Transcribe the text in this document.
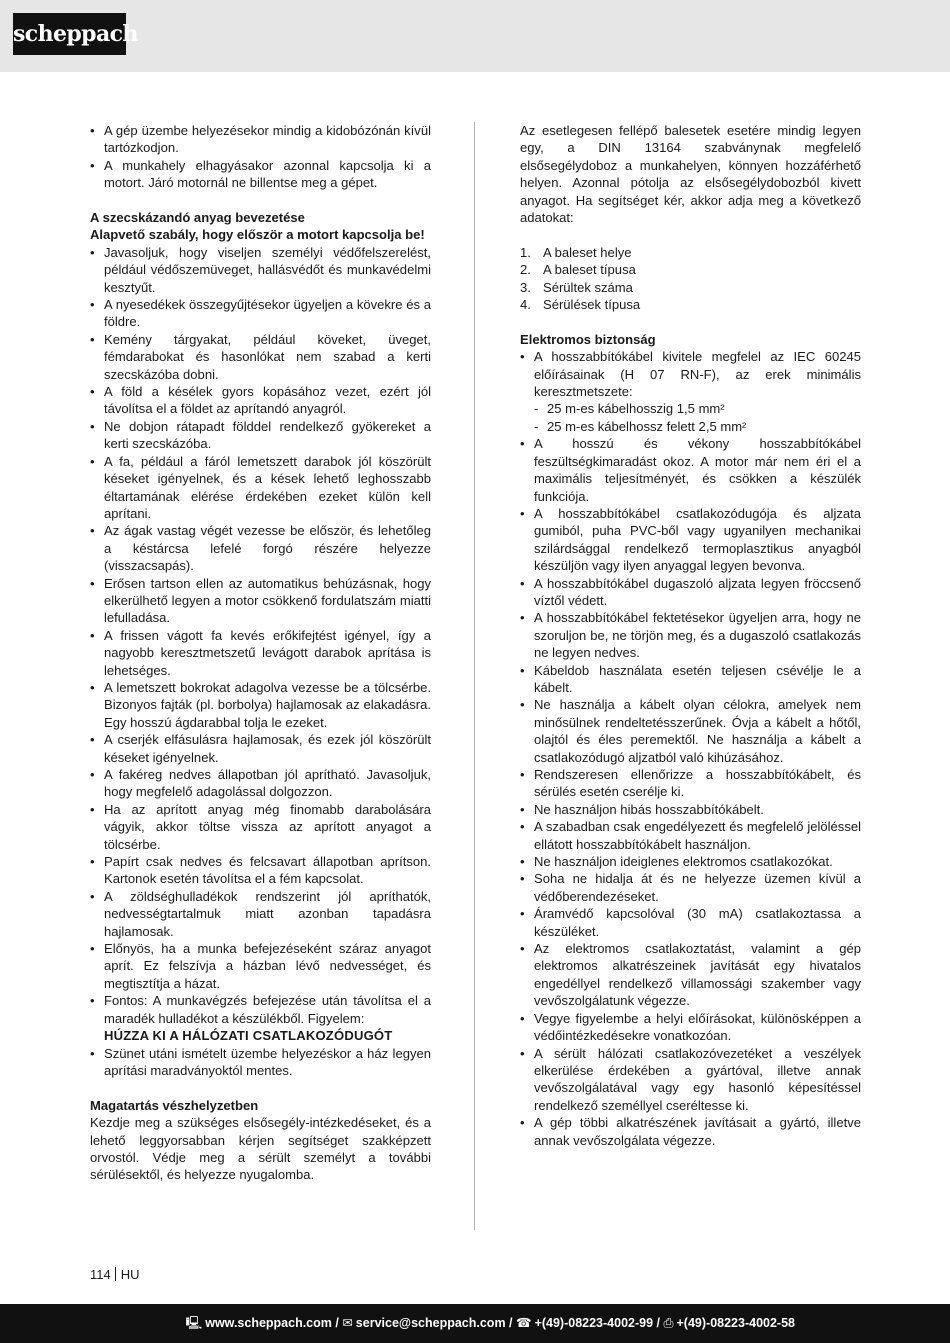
scheppach
• A gép üzembe helyezésekor mindig a kidobózónán kívül tartózkodjon.
• A munkahely elhagyásakor azonnal kapcsolja ki a motort. Járó motornál ne billentse meg a gépet.

A szecskázandó anyag bevezetése

Alapvető szabály, hogy először a motort kapcsolja be!

• Javasoljuk, hogy viseljen személyi védőfelszerelést, például védőszemüveget, hallásvédőt és munkavédelmi kesztyűt.
• A nyesedékek összegyűjtésekor ügyeljen a kövekre és a földre.
• Kemény tárgyakat, például köveket, üveget, fémdarabokat és hasonlókat nem szabad a kerti szecskázóba dobni.
• A föld a késélek gyors kopásához vezet, ezért jól távolítsa el a földet az aprítandó anyagról.
• Ne dobjon rátapadt földdel rendelkező gyökereket a kerti szecskázóba.
• A fa, például a fáról lemetszett darabok jól köszörült késeket igényelnek, és a kések lehető leghosszabb éltartamának elérése érdekében ezeket külön kell aprítani.
• Az ágak vastag végét vezesse be először, és lehetőleg a késtárcsa lefelé forgó részére helyezze (visszacsapás).
• Erősen tartson ellen az automatikus behúzásnak, hogy elkerülhető legyen a motor csökkenő fordulatszám miatti lefulladása.
• A frissen vágott fa kevés erőkifejtést igényel, így a nagyobb keresztmetszetű levágott darabok aprítása is lehetséges.
• A lemetszett bokrokat adagolva vezesse be a tölcsérbe. Bizonyos fajták (pl. borbolya) hajlamosak az elakadásra. Egy hosszú ágdarabbal tolja le ezeket.
• A cserjék elfásulásra hajlamosak, és ezek jól köszörült késeket igényelnek.
• A fakéreg nedves állapotban jól aprítható. Javasoljuk, hogy megfelelő adagolással dolgozzon.
• Ha az aprított anyag még finomabb darabolására vágyik, akkor töltse vissza az aprított anyagot a tölcsérbe.
• Papírt csak nedves és felcsavart állapotban aprítson. Kartonok esetén távolítsa el a fém kapcsolat.
• A zöldséghulladékok rendszerint jól apríthatók, nedvességtartalmuk miatt azonban tapadásra hajlamosak.
• Előnyös, ha a munka befejezéseként száraz anyagot aprít. Ez felszívja a házban lévő nedvességet, és megtisztítja a házat.
• Fontos: A munkavégzés befejezése után távolítsa el a maradék hulladékot a készülékből. Figyelem:
HÚZZA KI A HÁLÓZATI CSATLAKOZÓDUGÓT
• Szünet utáni ismételt üzembe helyezéskor a ház legyen aprítási maradványoktól mentes.

Magatartás vészhelyzetben

Kezdje meg a szükséges elsősegély-intézkedéseket, és a lehető leggyorsabban kérjen segítséget szakképzett orvostól. Védje meg a sérült személyt a további sérülésektől, és helyezze nyugalomba.

Az esetlegesen fellépő balesetek esetére mindig legyen egy, a DIN 13164 szabványnak megfelelő elsősegélydoboz a munkahelyen, könnyen hozzáférhető helyen. Azonnal pótolja az elsősegélydobozból kivett anyagot. Ha segítséget kér, akkor adja meg a következő adatokat:

1. A baleset helye
2. A baleset típusa
3. Sérültek száma
4. Sérülések típusa

Elektromos biztonság

• A hosszabbítókábel kivitele megfelel az IEC 60245 előírásainak (H 07 RN-F), az erek minimális keresztmetszete:
- 25 m-es kábelhosszig 1,5 mm²
- 25 m-es kábelhossz felett 2,5 mm²
• A hosszú és vékony hosszabbítókábel feszültségkimaradást okoz. A motor már nem éri el a maximális teljesítményét, és csökken a készülék funkciója.
• A hosszabbítókábel csatlakozódugója és aljzata gumiból, puha PVC-ből vagy ugyanilyen mechanikai szilárdsággal rendelkező termoplasztikus anyagból készüljön vagy ilyen anyaggal legyen bevonva.
• A hosszabbítókábel dugaszoló aljzata legyen fröccsenő víztől védett.
• A hosszabbítókábel fektetésekor ügyeljen arra, hogy ne szoruljon be, ne törjön meg, és a dugaszoló csatlakozás ne legyen nedves.
• Kábeldob használata esetén teljesen csévélje le a kábelt.
• Ne használja a kábelt olyan célokra, amelyek nem minősülnek rendeltetésszerűnek. Óvja a kábelt a hőtől, olajtól és éles peremektől. Ne használja a kábelt a csatlakozódugó aljzatból való kihúzásához.
• Rendszeresen ellenőrizze a hosszabbítókábelt, és sérülés esetén cserélje ki.
• Ne használjon hibás hosszabbítókábelt.
• A szabadban csak engedélyezett és megfelelő jelöléssel ellátott hosszabbítókábelt használjon.
• Ne használjon ideiglenes elektromos csatlakozókat.
• Soha ne hidalja át és ne helyezze üzemen kívül a védőberendezéseket.
• Áramvédő kapcsolóval (30 mA) csatlakoztassa a készüléket.
• Az elektromos csatlakoztatást, valamint a gép elektromos alkatrészeinek javítását egy hivatalos engedéllyel rendelkező villamossági szakember vagy vevőszolgálatunk végezze.
• Vegye figyelembe a helyi előírásokat, különösképpen a védőintézkedésekre vonatkozóan.
• A sérült hálózati csatlakozóvezetéket a veszélyek elkerülése érdekében a gyártóval, illetve annak vevőszolgálatával vagy egy hasonló képesítéssel rendelkező személlyel cseréltesse ki.
• A gép többi alkatrészének javításait a gyártó, illetve annak vevőszolgálata végezze.
114 HU
🖳 www.scheppach.com / ✉ service@scheppach.com / ☎ +(49)-08223-4002-99 / ⎙ +(49)-08223-4002-58
